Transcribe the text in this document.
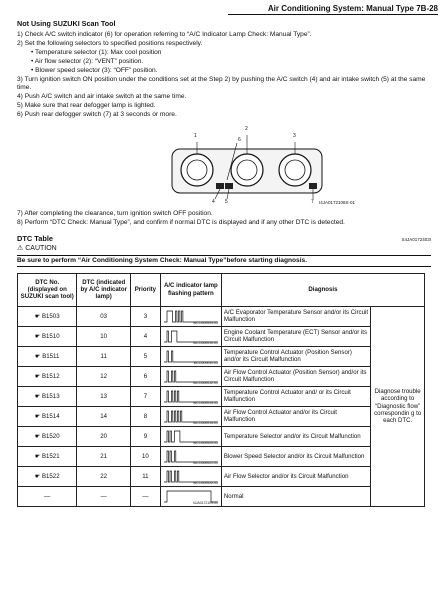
Air Conditioning System: Manual Type 7B-28
Not Using SUZUKI Scan Tool
1) Check A/C switch indicator (6) for operation referring to “A/C Indicator Lamp Check: Manual Type”.
2) Set the following selectors to specified positions respectively.
• Temperature selector (1): Max cool position
• Air flow selector (2): “VENT” position.
• Blower speed selector (3): “OFF” position.
3) Turn ignition switch ON position under the conditions set at the Step 2) by pushing the A/C switch (4) and air intake switch (5) at the same time.
4) Push A/C switch and air intake switch at the same time.
5) Make sure that rear defogger lamp is lighted.
6) Push rear defogger switch (7) at 3 seconds or more.
1
6
2
3
4 5	7 I4JA0172108S-01
7) After completing the clearance, turn ignition switch OFF position.
8) Perform “DTC Check: Manual Type”, and confirm if normal DTC is displayed and if any other DTC is detected.
DTC Table	S4JA0172403I
⚠ CAUTION
Be sure to perform “Air Conditioning System Check: Manual Type”before starting diagnosis.
DTC No. (displayed on SUZUKI scan tool)	DTC (indicated by A/C indicator lamp)	Priority	A/C indicator lamp flashing pattern	Diagnosis	
☛ B1503	03	3	I6CC0D0003-01	A/C Evaporator Temperature Sensor and/or its Circuit Malfunction	Diagnose trouble according to “Diagnostic flow” correspondin g to each DTC.
☛ B1510	10	4	I6CC0D0010-01	Engine Coolant Temperature (ECT) Sensor and/or its Circuit Malfunction	
☛ B1511	11	5	I6CC0D0011-01	Temperature Control Actuator (Position Sensor) and/or its Circuit Malfunction	
☛ B1512	12	6	I6CC0D0012-01	Air Flow Control Actuator (Position Sensor) and/or its Circuit Malfunction	
☛ B1513	13	7	I6CC0D0013-01	Temperature Control Actuator and/ or its Circuit Malfunction	
☛ B1514	14	8	I6CC0D0014-01	Air Flow Control Actuator and/or its Circuit Malfunction	
☛ B1520	20	9	I6CC0D0020-01	Temperature Selector and/or its Circuit Malfunction	
☛ B1521	21	10	I6CC0D0021-01	Blower Speed Selector and/or its Circuit Malfunction	
☛ B1522	22	11	I6CC0D0022-01	Air Flow Selector and/or its Circuit Malfunction	
—	—	—	I4JA0172109-01	Normal	
